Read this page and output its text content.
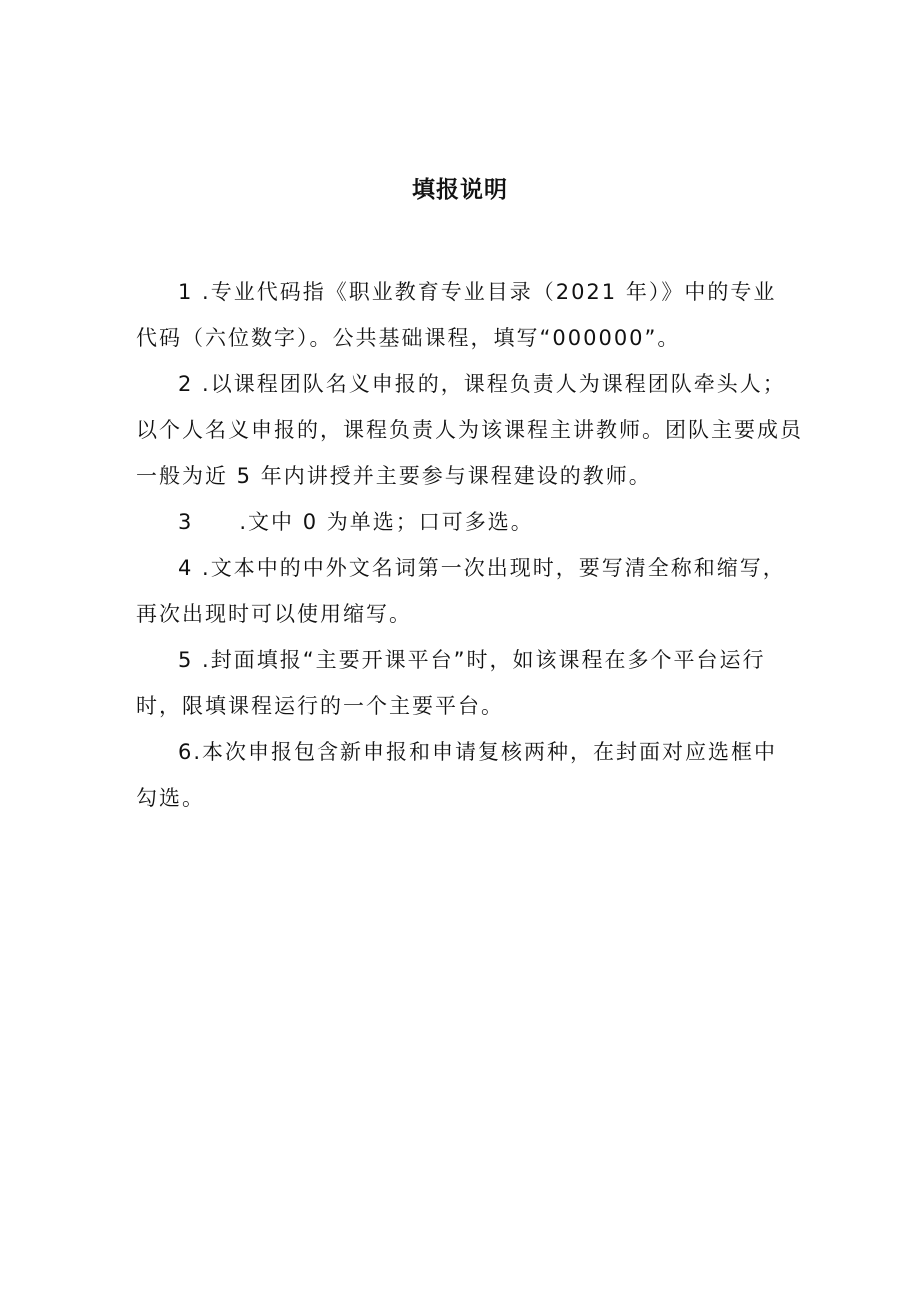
填报说明
1 .专业代码指《职业教育专业目录（2021 年）》中的专业
代码（六位数字）。公共基础课程，填写“000000”。
2 .以课程团队名义申报的，课程负责人为课程团队牵头人；
以个人名义申报的，课程负责人为该课程主讲教师。团队主要成员
一般为近 5 年内讲授并主要参与课程建设的教师。
3　　.文中 0 为单选；口可多选。
4 .文本中的中外文名词第一次出现时，要写清全称和缩写，
再次出现时可以使用缩写。
5 .封面填报“主要开课平台”时，如该课程在多个平台运行
时，限填课程运行的一个主要平台。
6.本次申报包含新申报和申请复核两种，在封面对应选框中
勾选。
